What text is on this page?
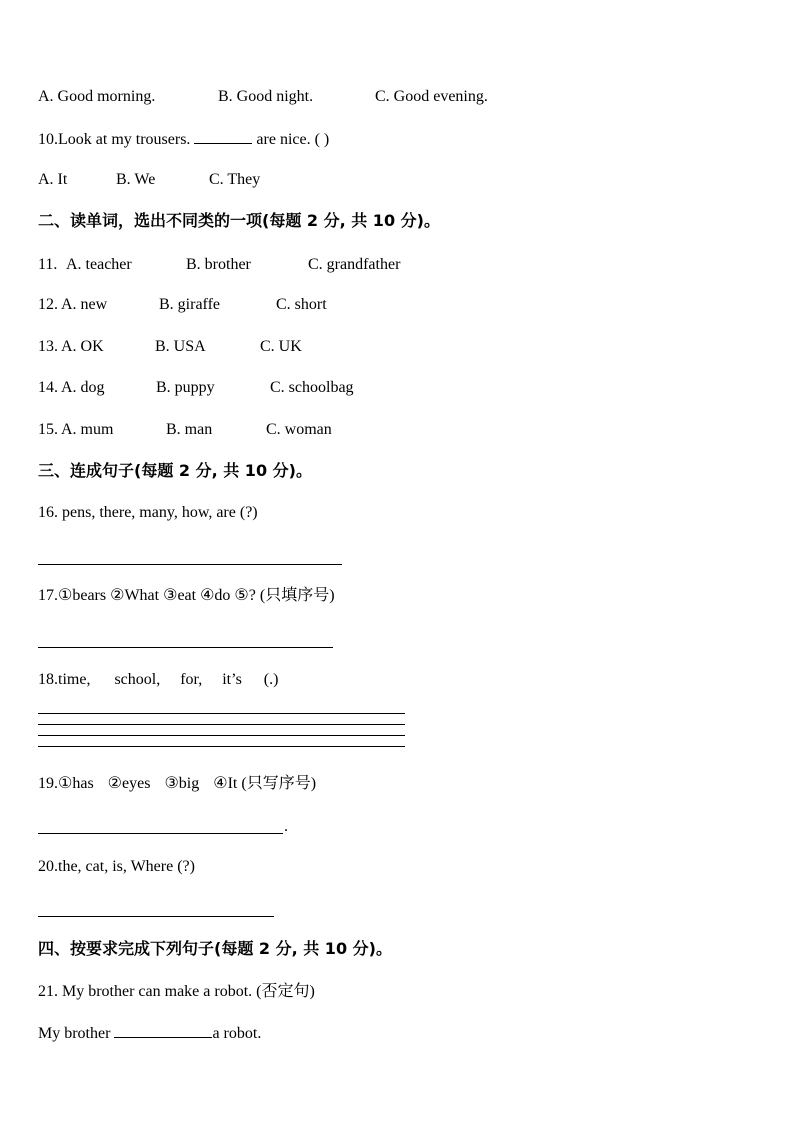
A. Good morning.	B. Good night.	C. Good evening.
10.Look at my trousers.	are nice. ( )
A. It	B. We	C. They
二、读单词，选出不同类的一项(每题 2 分, 共 10 分)。
11. A. teacher	B. brother	C. grandfather
12. A. new	B. giraffe	C. short
13. A. OK	B. USA	C. UK
14. A. dog	B. puppy	C. schoolbag
15. A. mum	B. man	C. woman
三、连成句子(每题 2 分, 共 10 分)。
16. pens, there, many, how, are (?)
17.①bears ②What ③eat ④do ⑤? (只填序号)
18.time, school, for, it’s (.)
19.①has ②eyes ③big ④It (只写序号)
.
20.the, cat, is, Where (?)
四、按要求完成下列句子(每题 2 分, 共 10 分)。
21. My brother can make a robot. (否定句)
My brother	a robot.
